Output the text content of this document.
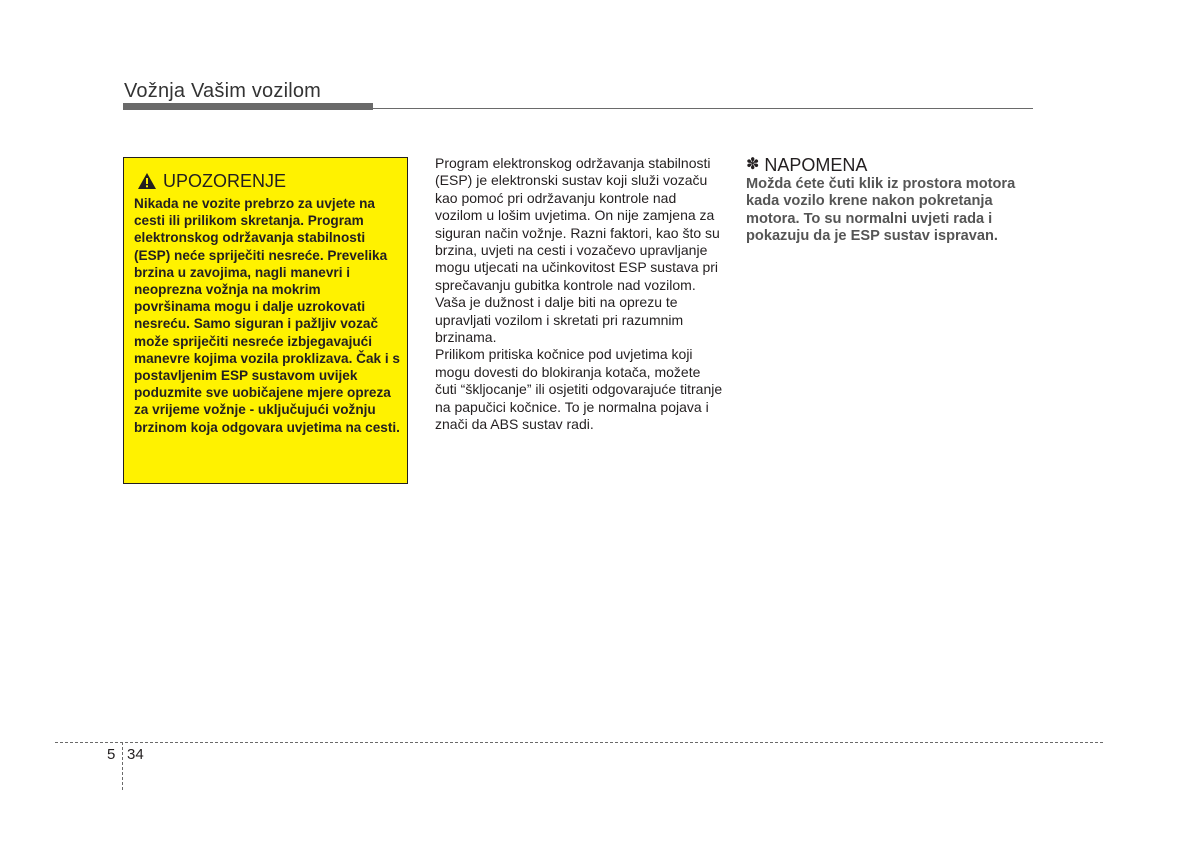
Vožnja Vašim vozilom
UPOZORENJE

Nikada ne vozite prebrzo za uvjete na cesti ili prilikom skretanja. Program elektronskog održavanja stabilnosti (ESP) neće spriječiti nesreće. Prevelika brzina u zavojima, nagli manevri i neoprezna vožnja na mokrim površinama mogu i dalje uzrokovati nesreću. Samo siguran i pažljiv vozač može spriječiti nesreće izbjegavajući manevre kojima vozila proklizava. Čak i s postavljenim ESP sustavom uvijek poduzmite sve uobičajene mjere opreza za vrijeme vožnje - uključujući vožnju brzinom koja odgovara uvjetima na cesti.

Program elektronskog održavanja stabilnosti (ESP) je elektronski sustav koji služi vozaču kao pomoć pri održavanju kontrole nad vozilom u lošim uvjetima. On nije zamjena za siguran način vožnje. Razni faktori, kao što su brzina, uvjeti na cesti i vozačevo upravljanje mogu utjecati na učinkovitost ESP sustava pri sprečavanju gubitka kontrole nad vozilom. Vaša je dužnost i dalje biti na oprezu te upravljati vozilom i skretati pri razumnim brzinama.

Prilikom pritiska kočnice pod uvjetima koji mogu dovesti do blokiranja kotača, možete čuti “škljocanje” ili osjetiti odgovarajuće titranje na papučici kočnice. To je normalna pojava i znači da ABS sustav radi.

✽ NAPOMENA

Možda ćete čuti klik iz prostora motora kada vozilo krene nakon pokretanja motora. To su normalni uvjeti rada i pokazuju da je ESP sustav ispravan.

5 34
